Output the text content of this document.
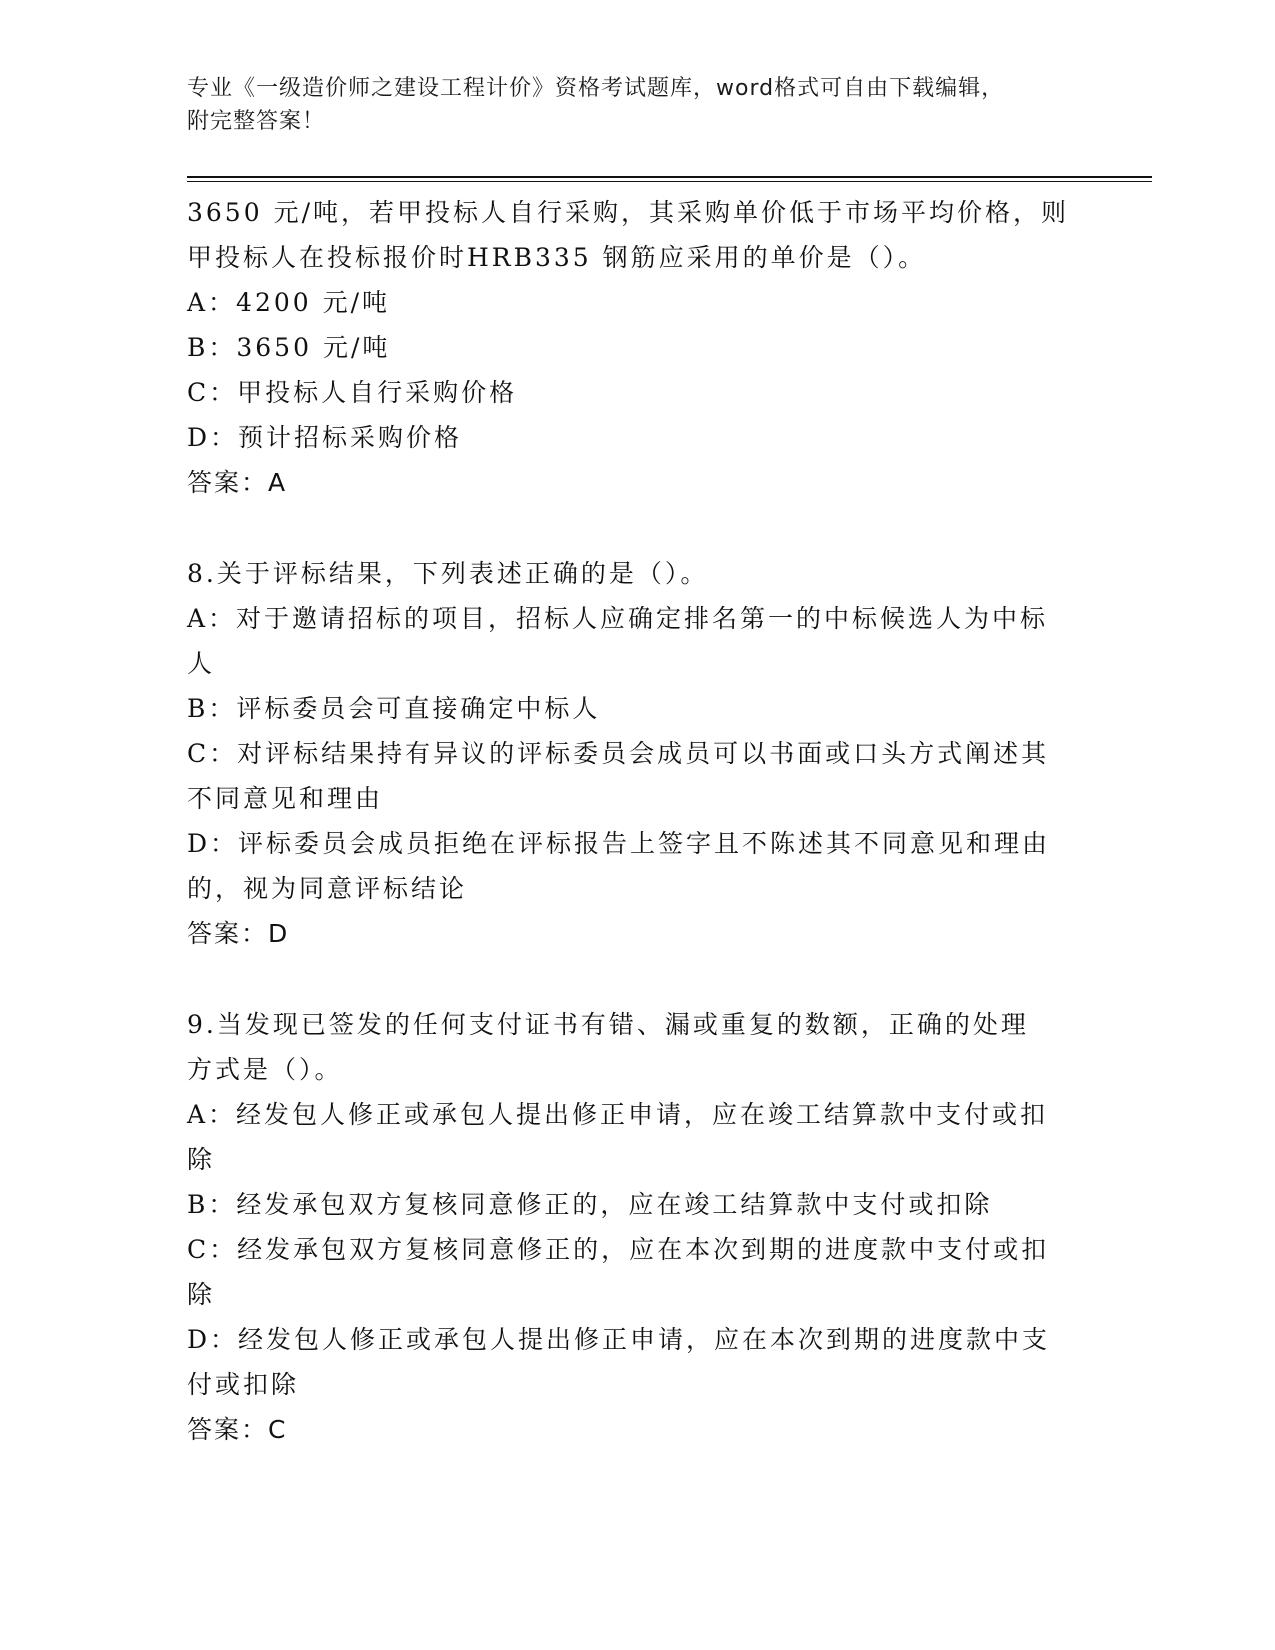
专业《一级造价师之建设工程计价》资格考试题库，word格式可自由下载编辑，
附完整答案！
3650 元/吨，若甲投标人自行采购，其采购单价低于市场平均价格，则
甲投标人在投标报价时HRB335 钢筋应采用的单价是（）。
A：4200 元/吨
B：3650 元/吨
C：甲投标人自行采购价格
D：预计招标采购价格
答案：A
8.关于评标结果，下列表述正确的是（）。
A：对于邀请招标的项目，招标人应确定排名第一的中标候选人为中标
人
B：评标委员会可直接确定中标人
C：对评标结果持有异议的评标委员会成员可以书面或口头方式阐述其
不同意见和理由
D：评标委员会成员拒绝在评标报告上签字且不陈述其不同意见和理由
的，视为同意评标结论
答案：D
9.当发现已签发的任何支付证书有错、漏或重复的数额，正确的处理
方式是（）。
A：经发包人修正或承包人提出修正申请，应在竣工结算款中支付或扣
除
B：经发承包双方复核同意修正的，应在竣工结算款中支付或扣除
C：经发承包双方复核同意修正的，应在本次到期的进度款中支付或扣
除
D：经发包人修正或承包人提出修正申请，应在本次到期的进度款中支
付或扣除
答案：C
